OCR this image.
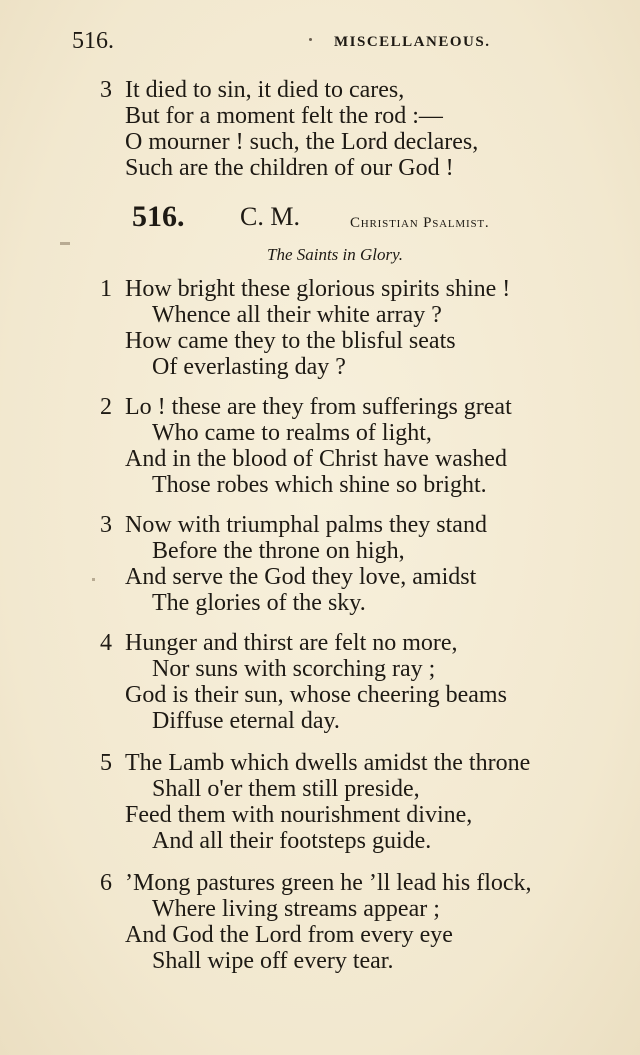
516.	MISCELLANEOUS.
3 It died to sin, it died to cares,
But for a moment felt the rod :—
O mourner ! such, the Lord declares,
Such are the children of our God !
516. C. M.	Christian Psalmist.
The Saints in Glory.
1 How bright these glorious spirits shine !
Whence all their white array ?
How came they to the blisful seats
Of everlasting day ?
2 Lo ! these are they from sufferings great
Who came to realms of light,
And in the blood of Christ have washed
Those robes which shine so bright.
3 Now with triumphal palms they stand
Before the throne on high,
And serve the God they love, amidst
The glories of the sky.
4 Hunger and thirst are felt no more,
Nor suns with scorching ray ;
God is their sun, whose cheering beams
Diffuse eternal day.
5 The Lamb which dwells amidst the throne
Shall o'er them still preside,
Feed them with nourishment divine,
And all their footsteps guide.
6 ’Mong pastures green he ’ll lead his flock,
Where living streams appear ;
And God the Lord from every eye
Shall wipe off every tear.
